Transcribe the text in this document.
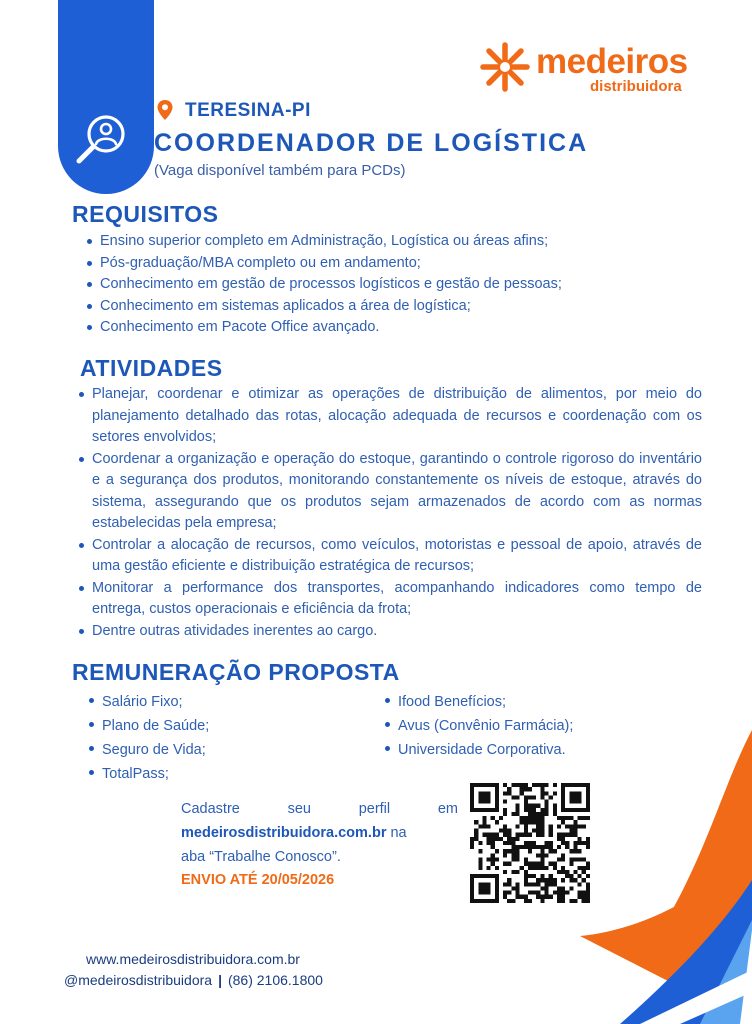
medeiros
distribuidora
TERESINA-PI
COORDENADOR DE LOGÍSTICA
(Vaga disponível também para PCDs)
REQUISITOS
Ensino superior completo em Administração, Logística ou áreas afins;
Pós-graduação/MBA completo ou em andamento;
Conhecimento em gestão de processos logísticos e gestão de pessoas;
Conhecimento em sistemas aplicados a área de logística;
Conhecimento em Pacote Office avançado.
ATIVIDADES
Planejar, coordenar e otimizar as operações de distribuição de alimentos, por meio do planejamento detalhado das rotas, alocação adequada de recursos e coordenação com os setores envolvidos;
Coordenar a organização e operação do estoque, garantindo o controle rigoroso do inventário e a segurança dos produtos, monitorando constantemente os níveis de estoque, através do sistema, assegurando que os produtos sejam armazenados de acordo com as normas estabelecidas pela empresa;
Controlar a alocação de recursos, como veículos, motoristas e pessoal de apoio, através de uma gestão eficiente e distribuição estratégica de recursos;
Monitorar a performance dos transportes, acompanhando indicadores como tempo de entrega, custos operacionais e eficiência da frota;
Dentre outras atividades inerentes ao cargo.
REMUNERAÇÃO PROPOSTA
Salário Fixo;
Plano de Saúde;
Seguro de Vida;
TotalPass;
Ifood Benefícios;
Avus (Convênio Farmácia);
Universidade Corporativa.
Cadastre seu perfil em
medeirosdistribuidora.com.br na
aba “Trabalhe Conosco”.
ENVIO ATÉ 20/05/2026
www.medeirosdistribuidora.com.br
@medeirosdistribuidora | (86) 2106.1800
